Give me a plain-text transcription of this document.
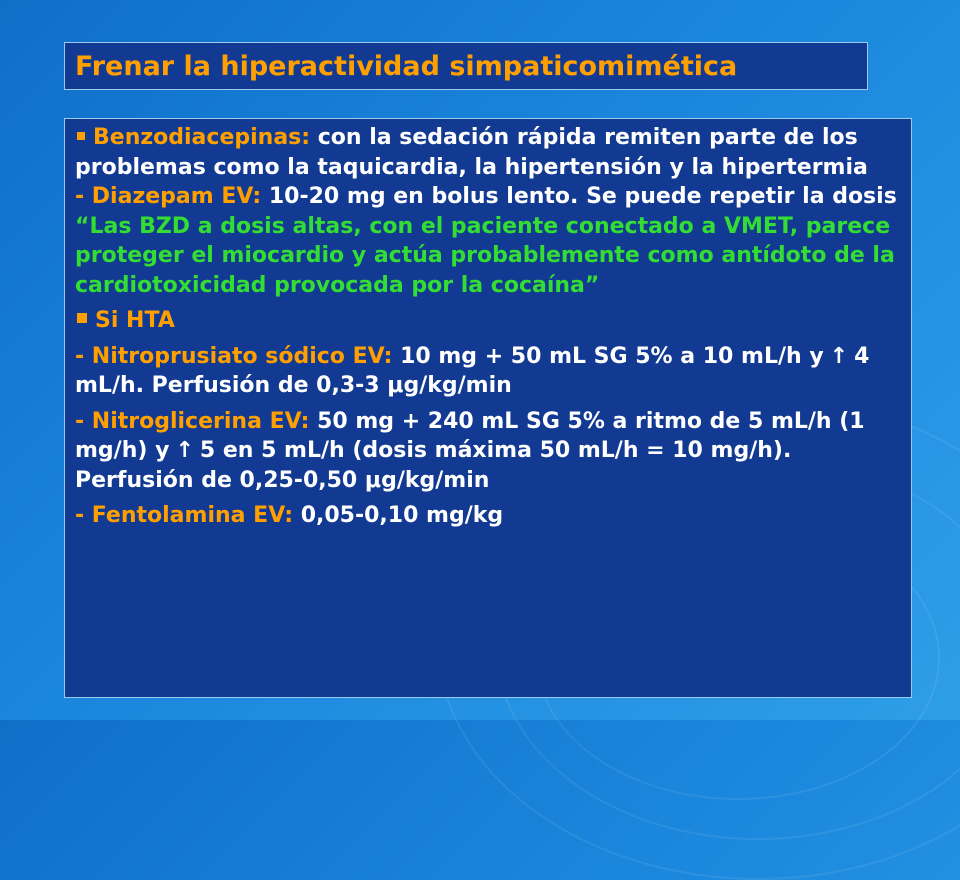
Frenar la hiperactividad simpaticomimética

Benzodiacepinas: con la sedación rápida remiten parte de los problemas como la taquicardia, la hipertensión y la hipertermia

- Diazepam EV: 10-20 mg en bolus lento. Se puede repetir la dosis

“Las BZD a dosis altas, con el paciente conectado a VMET, parece proteger el miocardio y actúa probablemente como antídoto de la cardiotoxicidad provocada por la cocaína”

Si HTA

- Nitroprusiato sódico EV: 10 mg + 50 mL SG 5% a 10 mL/h y ↑ 4 mL/h. Perfusión de 0,3-3 μg/kg/min

- Nitroglicerina EV: 50 mg + 240 mL SG 5% a ritmo de 5 mL/h (1 mg/h) y ↑ 5 en 5 mL/h (dosis máxima 50 mL/h = 10 mg/h). Perfusión de 0,25-0,50 μg/kg/min

- Fentolamina EV: 0,05-0,10 mg/kg
